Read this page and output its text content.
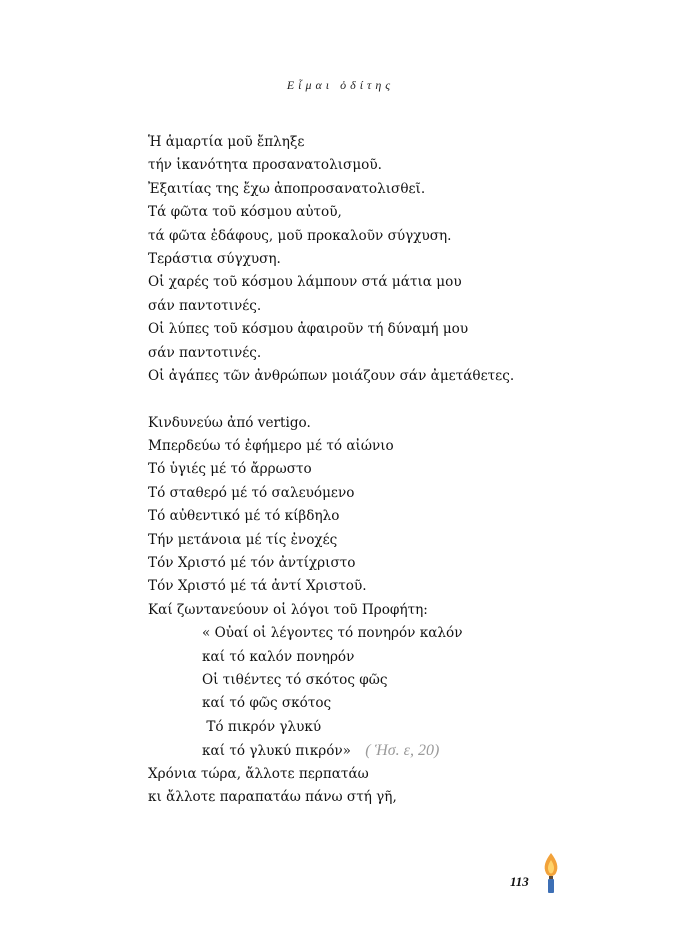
Εἶμαι ὁδίτης
Ἡ ἁμαρτία μοῦ ἔπληξε
τήν ἱκανότητα προσανατολισμοῦ.
Ἐξαιτίας της ἔχω ἀποπροσανατολισθεῖ.
Τά φῶτα τοῦ κόσμου αὐτοῦ,
τά φῶτα ἐδάφους, μοῦ προκαλοῦν σύγχυση.
Τεράστια σύγχυση.
Οἱ χαρές τοῦ κόσμου λάμπουν στά μάτια μου
σάν παντοτινές.
Οἱ λύπες τοῦ κόσμου ἀφαιροῦν τή δύναμή μου
σάν παντοτινές.
Οἱ ἀγάπες τῶν ἀνθρώπων μοιάζουν σάν ἀμετάθετες.
Κινδυνεύω ἀπό vertigo.
Μπερδεύω τό ἐφήμερο μέ τό αἰώνιο
Τό ὑγιές μέ τό ἄρρωστο
Τό σταθερό μέ τό σαλευόμενο
Τό αὐθεντικό μέ τό κίβδηλο
Τήν μετάνοια μέ τίς ἐνοχές
Τόν Χριστό μέ τόν ἀντίχριστο
Τόν Χριστό μέ τά ἀντί Χριστοῦ.
Καί ζωντανεύουν οἱ λόγοι τοῦ Προφήτη:
« Οὐαί οἱ λέγοντες τό πονηρόν καλόν
καί τό καλόν πονηρόν
Οἱ τιθέντες τό σκότος φῶς
καί τό φῶς σκότος
Τό πικρόν γλυκύ
καί τό γλυκύ πικρόν» ( Ἡσ. ε, 20)
Χρόνια τώρα, ἄλλοτε περπατάω
κι ἄλλοτε παραπατάω πάνω στή γῆ,
113
